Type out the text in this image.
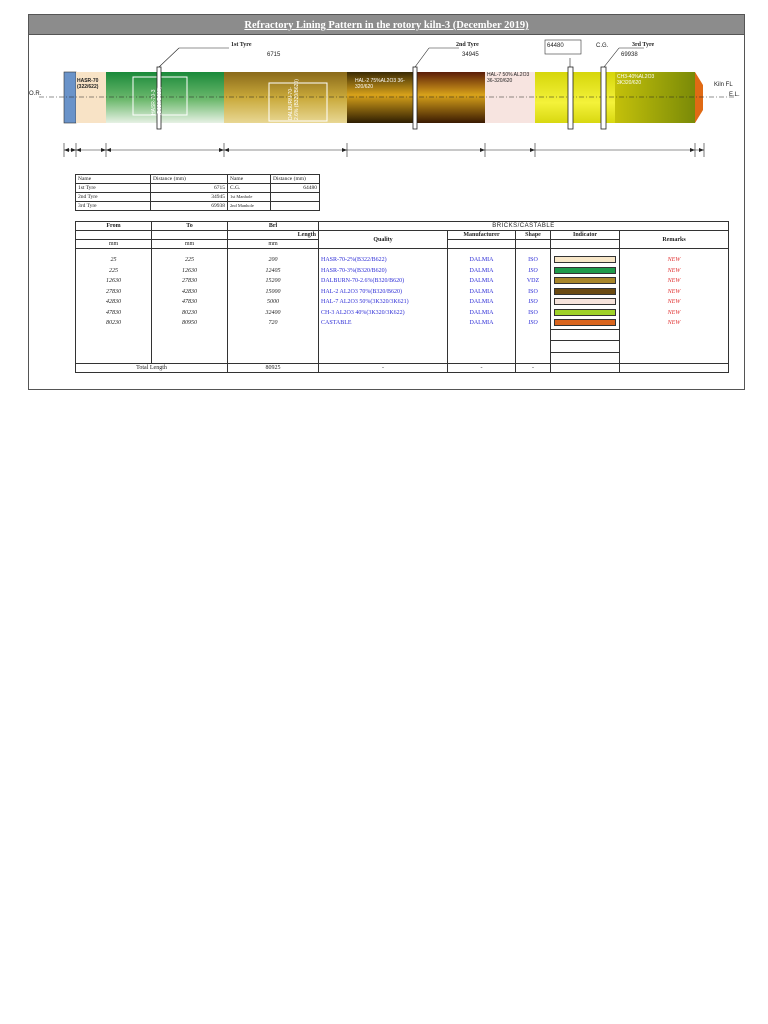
Refractory Lining Pattern in the rotory kiln-3 (December 2019)
1st Tyre
6715
2nd Tyre
34945
64480	C.G.	3rd Tyre
69938
O.R.
Kiln FL
E.L.
HASR-70 (322/622)
HASR-70-3 (B320/B620)	DALBURN-70-2.6% (B320/B620)	HAL-2 75%AL2O3 36-320/620
HAL-7 50% AL2O3 36-320/620
CH3-40%AL2O3 3K320/620
Name	Distance (mm)	Name	Distance (mm)
1st Tyre	6715	C.G.	64480
2nd Tyre	34945	1st Manhole	
3rd Tyre	69938	2nd Manhole	
From	To	Brl	BRICKS/CASTABLE				
		Length	Quality	Manufacturer	Shape	Indicator	Remarks
mm	mm	mm					

25	225	200	HASR-70-2%(B322/B622)	DALMIA	ISO		NEW
225	12630	12405	HASR-70-3%(B320/B620)	DALMIA	ISO		NEW
12630	27830	15200	DALBURN-70-2.6%(B320/B620)	DALMIA	VDZ		NEW
27830	42830	15000	HAL-2 AL2O3 70%(B320/B620)	DALMIA	ISO		NEW
42830	47830	5000	HAL-7 AL2O3 50%(3K320/3K621)	DALMIA	ISO		NEW
47830	80230	32400	CH-3 AL2O3 40%(3K320/3K622)	DALMIA	ISO		NEW
80230	80950	720	CASTABLE	DALMIA	ISO		NEW

Total Length		80925	-	-	-		
